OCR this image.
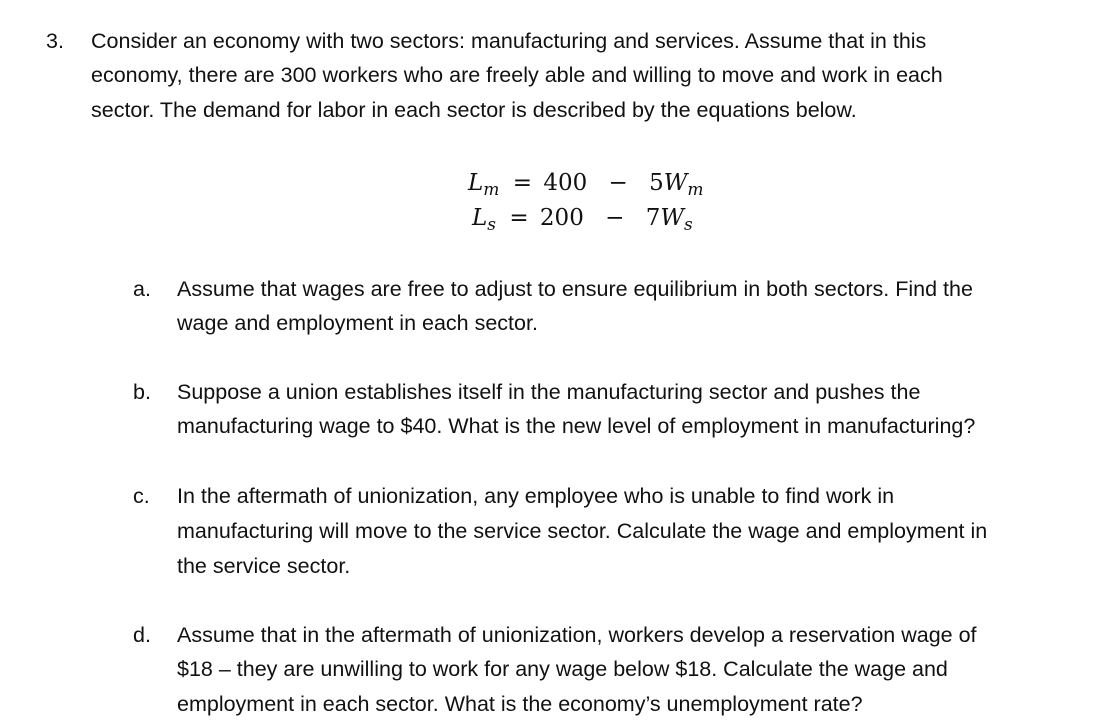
3. Consider an economy with two sectors: manufacturing and services. Assume that in this
economy, there are 300 workers who are freely able and willing to move and work in each
sector. The demand for labor in each sector is described by the equations below.
$L_m = 400 - 5W_m$
$L_s = 200 - 7W_s$
a. Assume that wages are free to adjust to ensure equilibrium in both sectors. Find the
wage and employment in each sector.
b. Suppose a union establishes itself in the manufacturing sector and pushes the
manufacturing wage to $40. What is the new level of employment in manufacturing?
c. In the aftermath of unionization, any employee who is unable to find work in
manufacturing will move to the service sector. Calculate the wage and employment in
the service sector.
d. Assume that in the aftermath of unionization, workers develop a reservation wage of
$18 – they are unwilling to work for any wage below $18. Calculate the wage and
employment in each sector. What is the economy’s unemployment rate?
